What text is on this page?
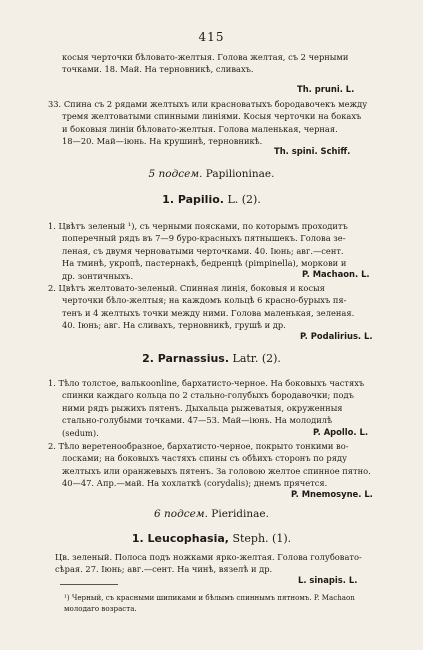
415
косыя черточки бѣловато-желтыя. Голова желтая, съ 2 черными
точками. 18. Май. На терновникѣ, сливахъ.
Th. pruni. L.
33. Спина съ 2 рядами желтыхъ или красноватыхъ бородавочекъ между
тремя желтоватыми спинными линіями. Косыя черточки на бокахъ
и боковыя линіи бѣловато-желтыя. Голова маленькая, черная.
18—20. Май—іюнь. На крушинѣ, терновникѣ.
Th. spini. Schiff.
5 подсем. Papilioninae.
1. Papilio. L. (2).
1. Цвѣтъ зеленый ¹), съ черными поясками, по которымъ проходитъ
поперечный рядъ въ 7—9 буро-красныхъ пятнышекъ. Голова зе-
леная, съ двумя черноватыми черточками. 40. Іюнь; авг.—сент.
На тминѣ, укропѣ, пастернакѣ, бедренцѣ (pimpinella), моркови и
др. зонтичныхъ.	P. Machaon. L.
2. Цвѣтъ желтовато-зеленый. Спинная линія, боковыя и косыя
черточки бѣло-желтыя; на каждомъ кольцѣ 6 красно-бурыхъ пя-
тенъ и 4 желтыхъ точки между ними. Голова маленькая, зеленая.
40. Іюнь; авг. На сливахъ, терновникѣ, грушѣ и др.
P. Podalirius. L.
2. Parnassius. Latr. (2).
1. Тѣло толстое, валькоonline, бархатисто-черное. На боковыхъ частяхъ
спинки каждаго кольца по 2 стально-голубыхъ бородавочки; подъ
ними рядъ рыжихъ пятенъ. Дыхальца рыжеватыя, окруженныя
стально-голубыми точками. 47—53. Май—іюнь. На молодилѣ
(sedum).	P. Apollo. L.
2. Тѣло веретенообразное, бархатисто-черное, покрыто тонкими во-
лосками; на боковыхъ частяхъ спины съ обѣихъ сторонъ по ряду
желтыхъ или оранжевыхъ пятенъ. За головою желтое спинное пятно.
40—47. Апр.—май. На хохлаткѣ (corydalis); днемъ прячется.
P. Mnemosyne. L.
6 подсем. Pieridinae.
1. Leucophasia, Steph. (1).
Цв. зеленый. Полоса подъ ножками ярко-желтая. Голова голубовато-
сѣрая. 27. Іюнь; авг.—сент. На чинѣ, вязелѣ и др.
L. sinapis. L.
¹) Черный, съ красными шипиками и бѣлымъ спиннымъ пятномъ. P. Machaon
молодаго возраста.
